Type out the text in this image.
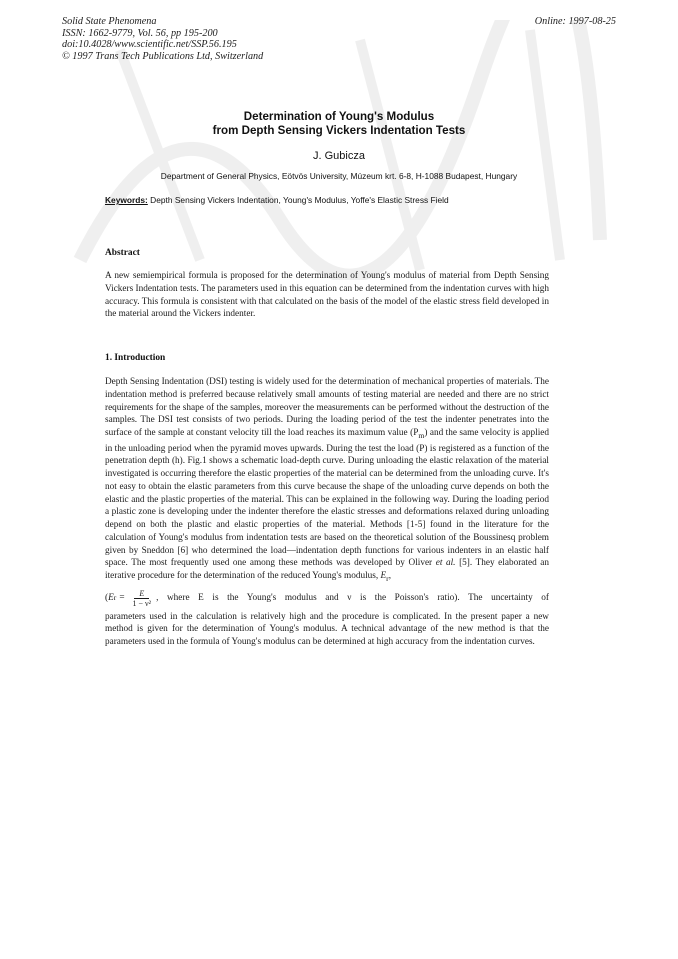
Solid State Phenomena
ISSN: 1662-9779, Vol. 56, pp 195-200
doi:10.4028/www.scientific.net/SSP.56.195
© 1997 Trans Tech Publications Ltd, Switzerland
Online: 1997-08-25
Determination of Young's Modulus
from Depth Sensing Vickers Indentation Tests
J. Gubicza
Department of General Physics, Eötvös University, Múzeum krt. 6-8, H-1088 Budapest, Hungary
Keywords: Depth Sensing Vickers Indentation, Young's Modulus, Yoffe's Elastic Stress Field
Abstract

A new semiempirical formula is proposed for the determination of Young's modulus of material from Depth Sensing Vickers Indentation tests. The parameters used in this equation can be determined from the indentation curves with high accuracy. This formula is consistent with that calculated on the basis of the model of the elastic stress field developed in the material around the Vickers indenter.

1. Introduction

Depth Sensing Indentation (DSI) testing is widely used for the determination of mechanical properties of materials. The indentation method is preferred because relatively small amounts of testing material are needed and there are no strict requirements for the shape of the samples, moreover the measurements can be performed without the destruction of the samples. The DSI test consists of two periods. During the loading period of the test the indenter penetrates into the surface of the sample at constant velocity till the load reaches its maximum value $(P_m)$ and the same velocity is applied in the unloading period when the pyramid moves upwards. During the test the load (P) is registered as a function of the penetration depth (h). Fig.1 shows a schematic load-depth curve. During unloading the elastic relaxation of the material investigated is occurring therefore the elastic properties of the material can be determined from the unloading curve. It's not easy to obtain the elastic parameters from this curve because the shape of the unloading curve depends on both the elastic and the plastic properties of the material. This can be explained in the following way. During the loading period a plastic zone is developing under the indenter therefore the elastic stresses and deformations relaxed during unloading depend on both the plastic and elastic properties of the material. Methods [1-5] found in the literature for the calculation of Young's modulus from indentation tests are based on the theoretical solution of the Boussinesq problem given by Sneddon [6] who determined the load—indentation depth functions for various indenters in an elastic half space. The most frequently used one among these methods was developed by Oliver et al. [5]. They elaborated an iterative procedure for the determination of the reduced Young's modulus, $E_r$,

( E $r = \frac{E}{\text{1 − ν²}}$ , where E is the Young's modulus and ν is the Poisson's ratio). The uncertainty of

parameters used in the calculation is relatively high and the procedure is complicated. In the present paper a new method is given for the determination of Young's modulus. A technical advantage of the new method is that the parameters used in the formula of Young's modulus can be determined at high accuracy from the indentation curves.
